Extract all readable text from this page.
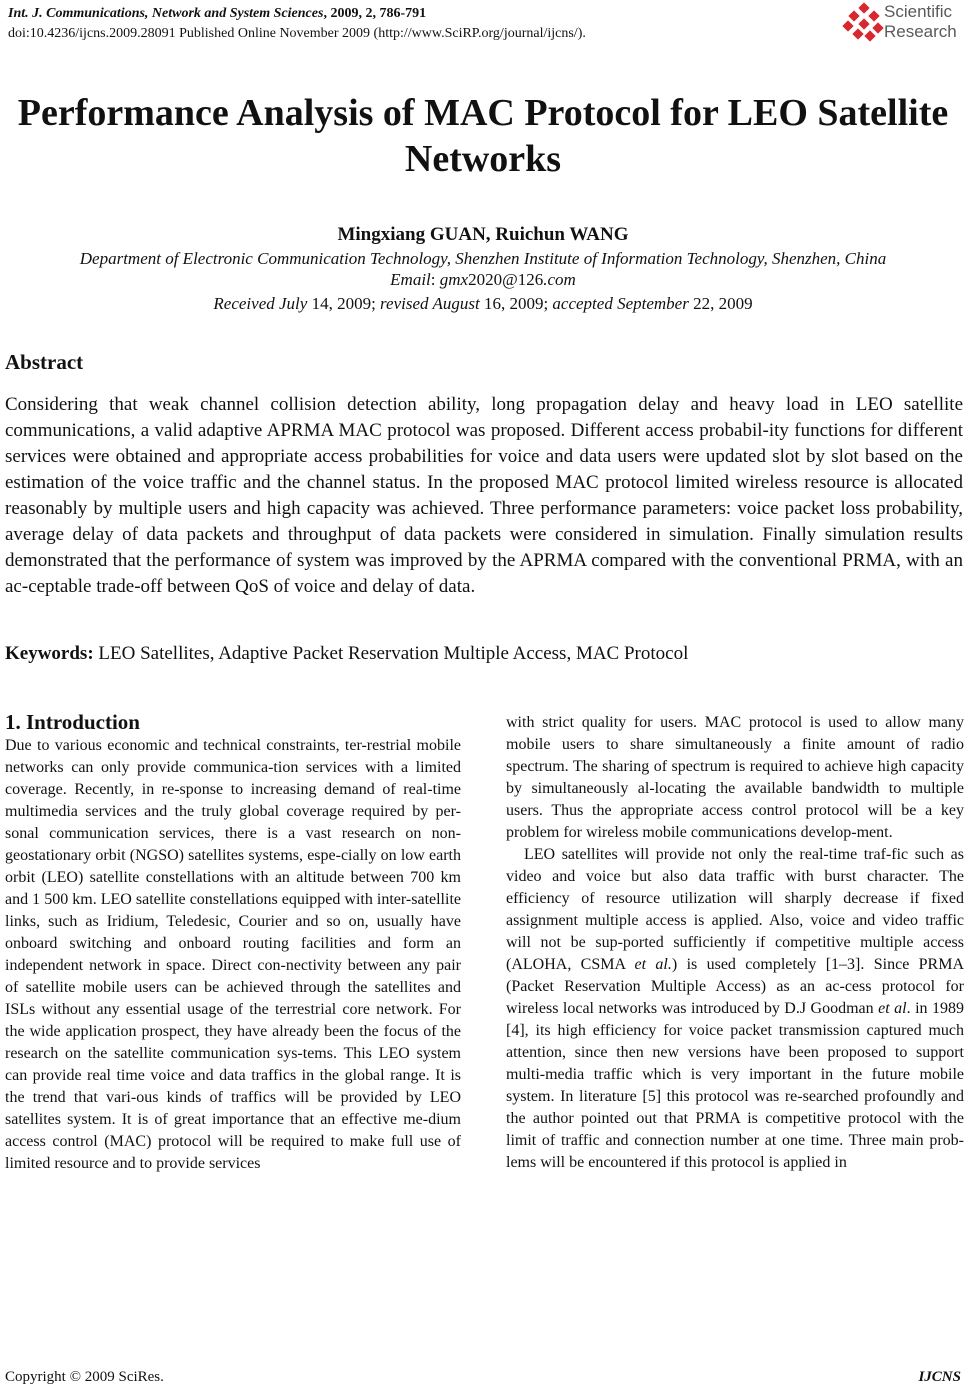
Int. J. Communications, Network and System Sciences, 2009, 2, 786-791
doi:10.4236/ijcns.2009.28091 Published Online November 2009 (http://www.SciRP.org/journal/ijcns/).
Scientific
Research
Performance Analysis of MAC Protocol for LEO Satellite Networks
Mingxiang GUAN, Ruichun WANG
Department of Electronic Communication Technology, Shenzhen Institute of Information Technology, Shenzhen, China
Email: gmx2020@126.com
Received July 14, 2009; revised August 16, 2009; accepted September 22, 2009
Abstract
Considering that weak channel collision detection ability, long propagation delay and heavy load in LEO satellite communications, a valid adaptive APRMA MAC protocol was proposed. Different access probabil-ity functions for different services were obtained and appropriate access probabilities for voice and data users were updated slot by slot based on the estimation of the voice traffic and the channel status. In the proposed MAC protocol limited wireless resource is allocated reasonably by multiple users and high capacity was achieved. Three performance parameters: voice packet loss probability, average delay of data packets and throughput of data packets were considered in simulation. Finally simulation results demonstrated that the performance of system was improved by the APRMA compared with the conventional PRMA, with an ac-ceptable trade-off between QoS of voice and delay of data.
Keywords: LEO Satellites, Adaptive Packet Reservation Multiple Access, MAC Protocol
1. Introduction

Due to various economic and technical constraints, ter-restrial mobile networks can only provide communica-tion services with a limited coverage. Recently, in re-sponse to increasing demand of real-time multimedia services and the truly global coverage required by per-sonal communication services, there is a vast research on non-geostationary orbit (NGSO) satellites systems, espe-cially on low earth orbit (LEO) satellite constellations with an altitude between 700 km and 1 500 km. LEO satellite constellations equipped with inter-satellite links, such as Iridium, Teledesic, Courier and so on, usually have onboard switching and onboard routing facilities and form an independent network in space. Direct con-nectivity between any pair of satellite mobile users can be achieved through the satellites and ISLs without any essential usage of the terrestrial core network. For the wide application prospect, they have already been the focus of the research on the satellite communication sys-tems. This LEO system can provide real time voice and data traffics in the global range. It is the trend that vari-ous kinds of traffics will be provided by LEO satellites system. It is of great importance that an effective me-dium access control (MAC) protocol will be required to make full use of limited resource and to provide services

with strict quality for users. MAC protocol is used to allow many mobile users to share simultaneously a finite amount of radio spectrum. The sharing of spectrum is required to achieve high capacity by simultaneously al-locating the available bandwidth to multiple users. Thus the appropriate access control protocol will be a key problem for wireless mobile communications develop-ment.

LEO satellites will provide not only the real-time traf-fic such as video and voice but also data traffic with burst character. The efficiency of resource utilization will sharply decrease if fixed assignment multiple access is applied. Also, voice and video traffic will not be sup-ported sufficiently if competitive multiple access (ALOHA, CSMA et al.) is used completely [1–3]. Since PRMA (Packet Reservation Multiple Access) as an ac-cess protocol for wireless local networks was introduced by D.J Goodman et al. in 1989 [4], its high efficiency for voice packet transmission captured much attention, since then new versions have been proposed to support multi-media traffic which is very important in the future mobile system. In literature [5] this protocol was re-searched profoundly and the author pointed out that PRMA is competitive protocol with the limit of traffic and connection number at one time. Three main prob-lems will be encountered if this protocol is applied in

Copyright © 2009 SciRes.	IJCNS
